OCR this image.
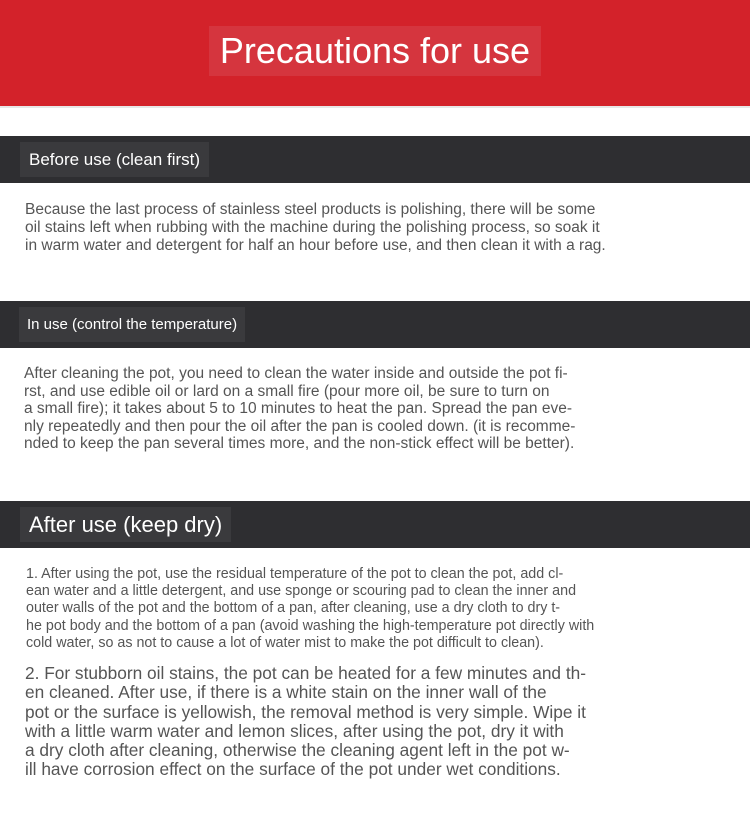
Precautions for use
Before use (clean first)
Because the last process of stainless steel products is polishing, there will be some
oil stains left when rubbing with the machine during the polishing process, so soak it
in warm water and detergent for half an hour before use, and then clean it with a rag.
In use (control the temperature)
After cleaning the pot, you need to clean the water inside and outside the pot fi-
rst, and use edible oil or lard on a small fire (pour more oil, be sure to turn on
a small fire); it takes about 5 to 10 minutes to heat the pan. Spread the pan eve-
nly repeatedly and then pour the oil after the pan is cooled down. (it is recomme-
nded to keep the pan several times more, and the non-stick effect will be better).
After use (keep dry)
1. After using the pot, use the residual temperature of the pot to clean the pot, add cl-
ean water and a little detergent, and use sponge or scouring pad to clean the inner and
outer walls of the pot and the bottom of a pan, after cleaning, use a dry cloth to dry t-
he pot body and the bottom of a pan (avoid washing the high-temperature pot directly with
cold water, so as not to cause a lot of water mist to make the pot difficult to clean).
2. For stubborn oil stains, the pot can be heated for a few minutes and th-
en cleaned. After use, if there is a white stain on the inner wall of the
pot or the surface is yellowish, the removal method is very simple. Wipe it
with a little warm water and lemon slices, after using the pot, dry it with
a dry cloth after cleaning, otherwise the cleaning agent left in the pot w-
ill have corrosion effect on the surface of the pot under wet conditions.
